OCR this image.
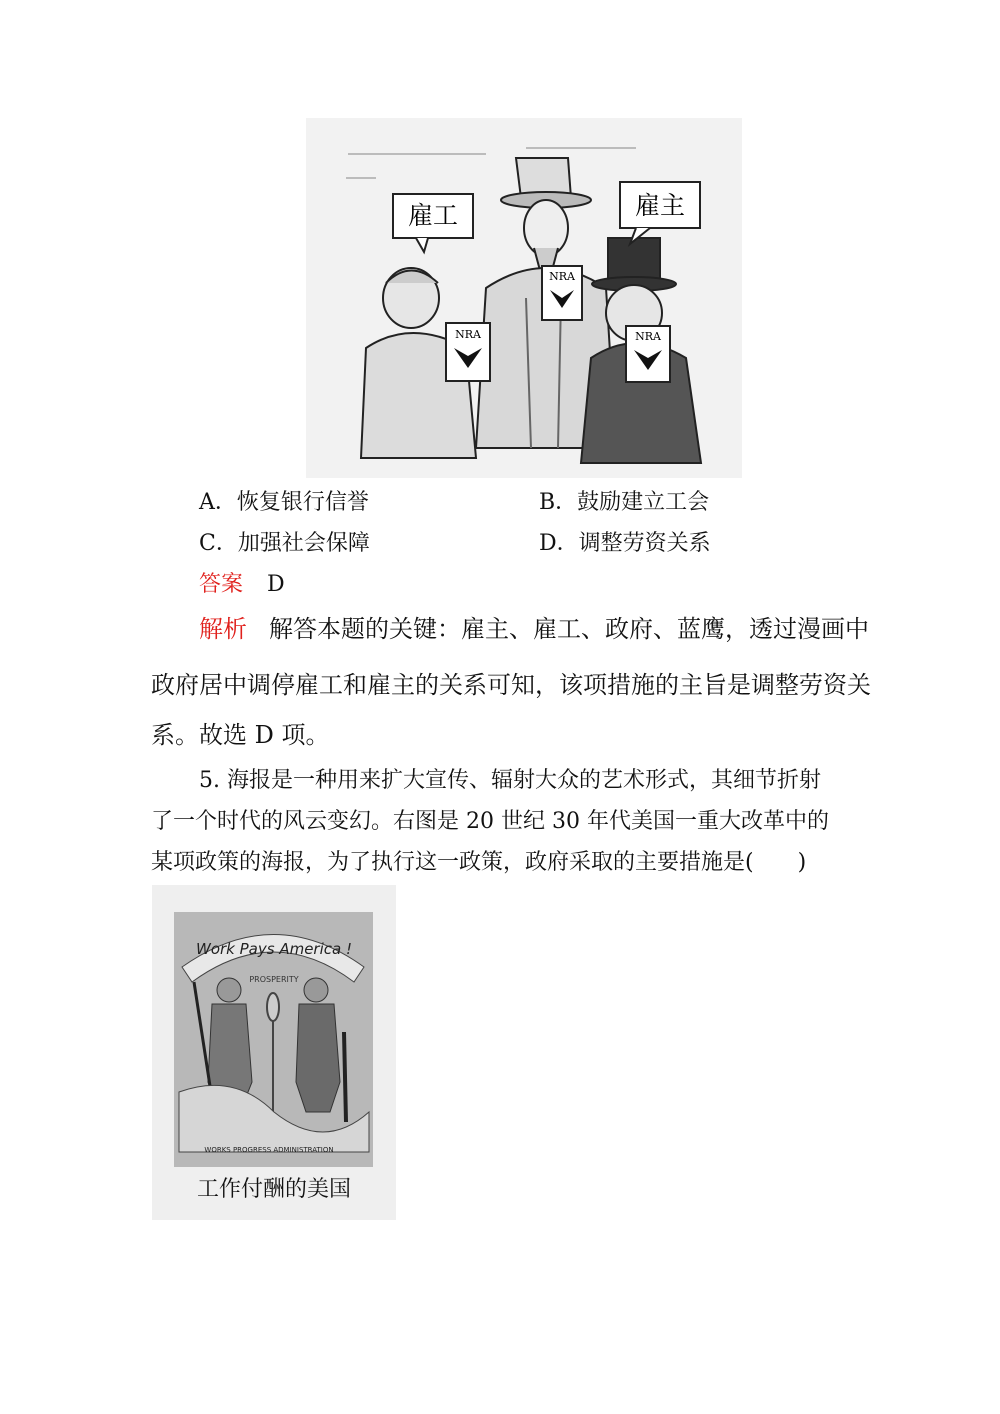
NRA
NRA	NRA
雇工	雇主
A．恢复银行信誉	B．鼓励建立工会
C．加强社会保障	D．调整劳资关系
答案 D
解析 解答本题的关键：雇主、雇工、政府、蓝鹰，透过漫画中
政府居中调停雇工和雇主的关系可知，该项措施的主旨是调整劳资关
系。故选 D 项。
5. 海报是一种用来扩大宣传、辐射大众的艺术形式，其细节折射
了一个时代的风云变幻。右图是 20 世纪 30 年代美国一重大改革中的
某项政策的海报，为了执行这一政策，政府采取的主要措施是(　　)
Work Pays America !
PROSPERITY
WORKS PROGRESS ADMINISTRATION
工作付酬的美国
